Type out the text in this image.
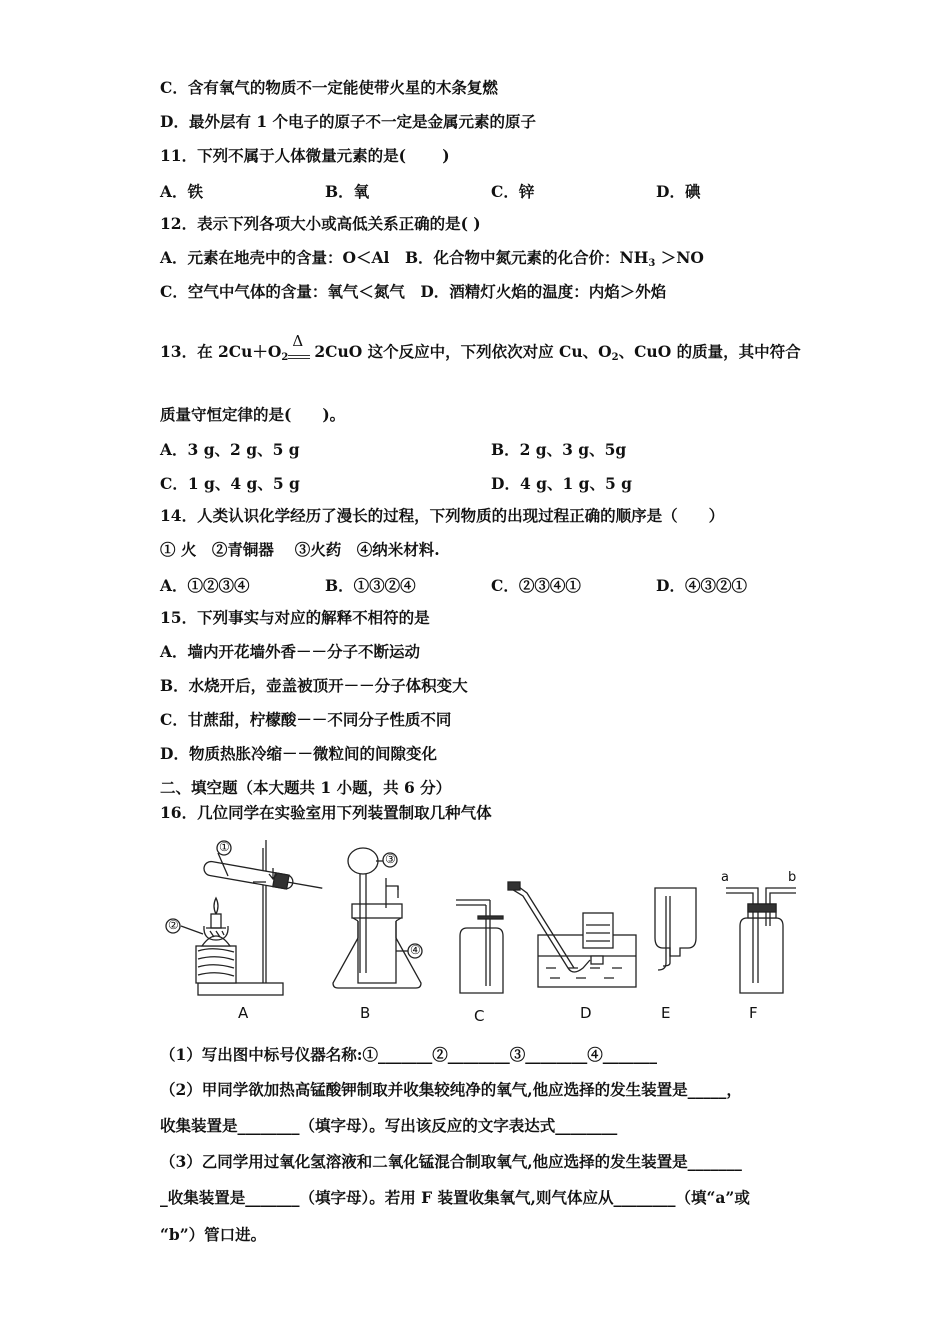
C．含有氧气的物质不一定能使带火星的木条复燃
D．最外层有 1 个电子的原子不一定是金属元素的原子
11．下列不属于人体微量元素的是(　　 )
A．铁	B．氧	C．锌	D．碘
12．表示下列各项大小或高低关系正确的是( )
A．元素在地壳中的含量：O＜Al　B．化合物中氮元素的化合价：$NH_3 >NO$
C．空气中气体的含量：氧气＜氮气　D．酒精灯火焰的温度：内焰＞外焰
13．在 $2Cu+O_2$
Δ
2CuO 这个反应中，下列依次对应 Cu、$O_2$、CuO 的质量，其中符合
质量守恒定律的是(　　)。
A．3 g、2 g、5 g	B．2 g、3 g、5g
C．1 g、4 g、5 g	D．4 g、1 g、5 g
14．人类认识化学经历了漫长的过程，下列物质的出现过程正确的顺序是（　　）
① 火　②青铜器　 ③火药　④纳米材料.
A．①②③④	B．①③②④	C．②③④①	D．④③②①
15．下列事实与对应的解释不相符的是
A．墙内开花墙外香－－分子不断运动
B．水烧开后，壶盖被顶开－－分子体积变大
C．甘蔗甜，柠檬酸－－不同分子性质不同
D．物质热胀冷缩－－微粒间的间隙变化
二、填空题（本大题共 1 小题，共 6 分）
16．几位同学在实验室用下列装置制取几种气体
①
②
③
④
a	b
A	B	C	D	E	F
（1）写出图中标号仪器名称:①_______②________③________④_______
（2）甲同学欲加热高锰酸钾制取并收集较纯净的氧气,他应选择的发生装置是_____，
收集装置是________（填字母）。写出该反应的文字表达式________
（3）乙同学用过氧化氢溶液和二氧化锰混合制取氧气,他应选择的发生装置是_______
_收集装置是_______（填字母）。若用 F 装置收集氧气,则气体应从________（填“a”或
“b”）管口进。
